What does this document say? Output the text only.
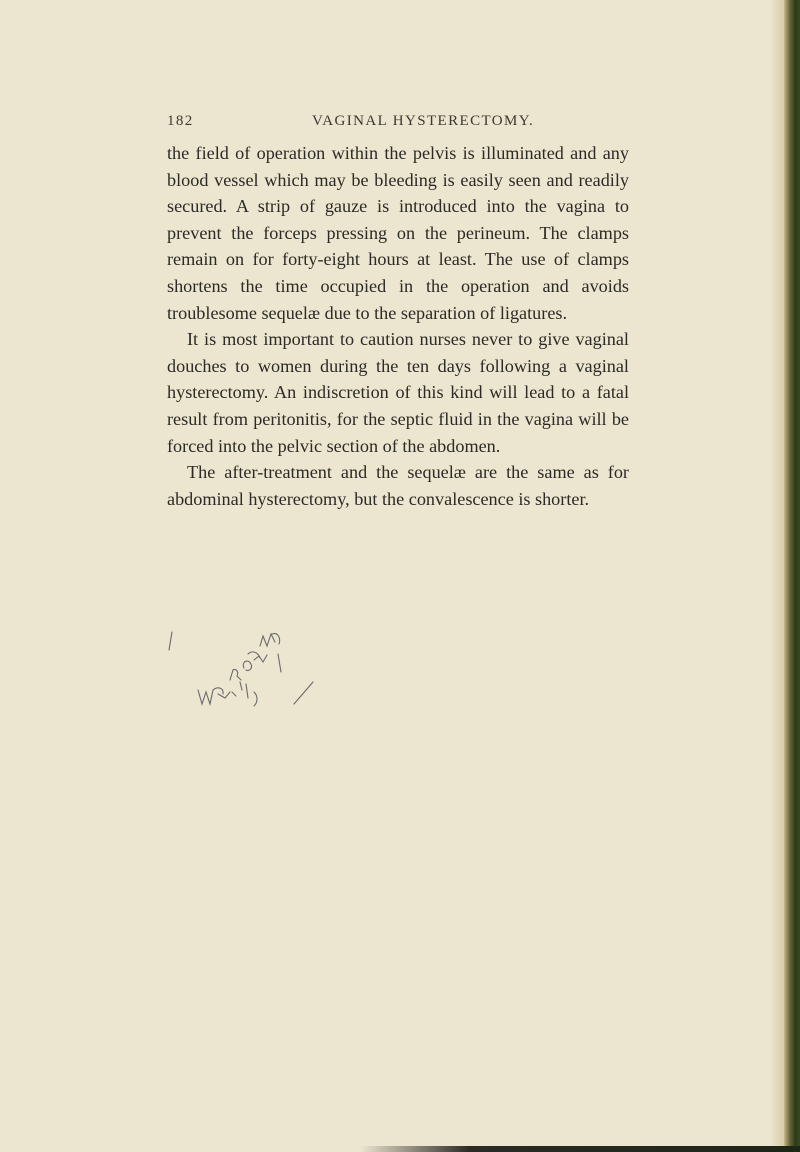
182	VAGINAL HYSTERECTOMY.

the field of operation within the pelvis is illuminated and any blood vessel which may be bleeding is easily seen and readily secured. A strip of gauze is introduced into the vagina to prevent the forceps pressing on the perineum. The clamps remain on for forty-eight hours at least. The use of clamps shortens the time occupied in the operation and avoids troublesome sequelæ due to the separation of ligatures.

It is most important to caution nurses never to give vaginal douches to women during the ten days following a vaginal hysterectomy. An indiscretion of this kind will lead to a fatal result from peritonitis, for the septic fluid in the vagina will be forced into the pelvic section of the abdomen.

The after-treatment and the sequelæ are the same as for abdominal hysterectomy, but the convalescence is shorter.
